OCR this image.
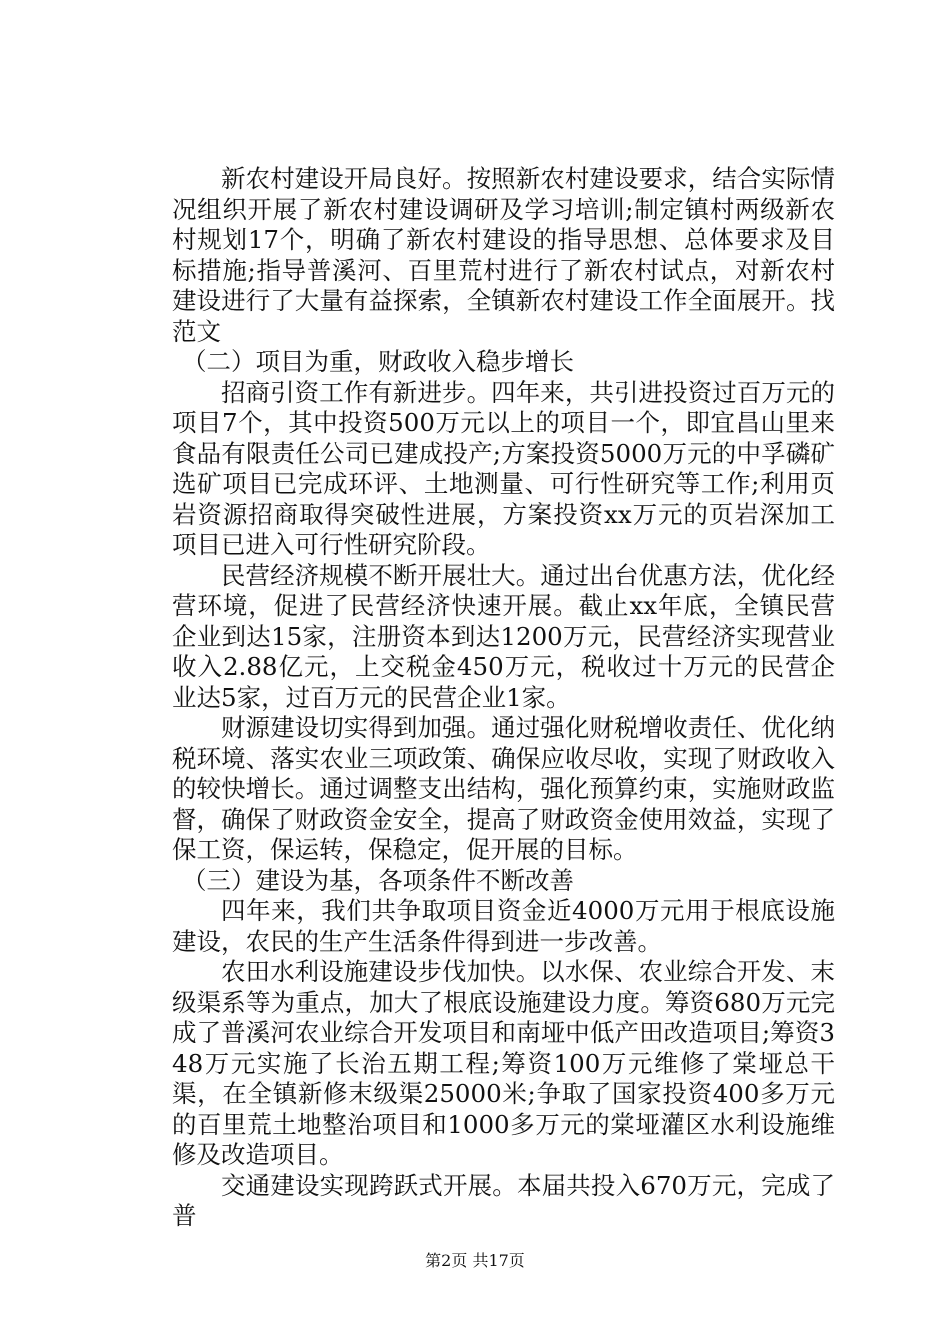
新农村建设开局良好。按照新农村建设要求，结合实际情况组织开展了新农村建设调研及学习培训;制定镇村两级新农村规划17个，明确了新农村建设的指导思想、总体要求及目标措施;指导普溪河、百里荒村进行了新农村试点，对新农村建设进行了大量有益探索，全镇新农村建设工作全面展开。找范文

（二）项目为重，财政收入稳步增长

招商引资工作有新进步。四年来，共引进投资过百万元的项目7个，其中投资500万元以上的项目一个，即宜昌山里来食品有限责任公司已建成投产;方案投资5000万元的中孚磷矿选矿项目已完成环评、土地测量、可行性研究等工作;利用页岩资源招商取得突破性进展，方案投资xx万元的页岩深加工项目已进入可行性研究阶段。

民营经济规模不断开展壮大。通过出台优惠方法，优化经营环境，促进了民营经济快速开展。截止xx年底，全镇民营企业到达15家，注册资本到达1200万元，民营经济实现营业收入2.88亿元，上交税金450万元，税收过十万元的民营企业达5家，过百万元的民营企业1家。

财源建设切实得到加强。通过强化财税增收责任、优化纳税环境、落实农业三项政策、确保应收尽收，实现了财政收入的较快增长。通过调整支出结构，强化预算约束，实施财政监督，确保了财政资金安全，提高了财政资金使用效益，实现了保工资，保运转，保稳定，促开展的目标。

（三）建设为基，各项条件不断改善

四年来，我们共争取项目资金近4000万元用于根底设施建设，农民的生产生活条件得到进一步改善。

农田水利设施建设步伐加快。以水保、农业综合开发、末级渠系等为重点，加大了根底设施建设力度。筹资680万元完成了普溪河农业综合开发项目和南垭中低产田改造项目;筹资348万元实施了长治五期工程;筹资100万元维修了棠垭总干渠，在全镇新修末级渠25000米;争取了国家投资400多万元的百里荒土地整治项目和1000多万元的棠垭灌区水利设施维修及改造项目。

交通建设实现跨跃式开展。本届共投入670万元，完成了普

第2页 共17页
